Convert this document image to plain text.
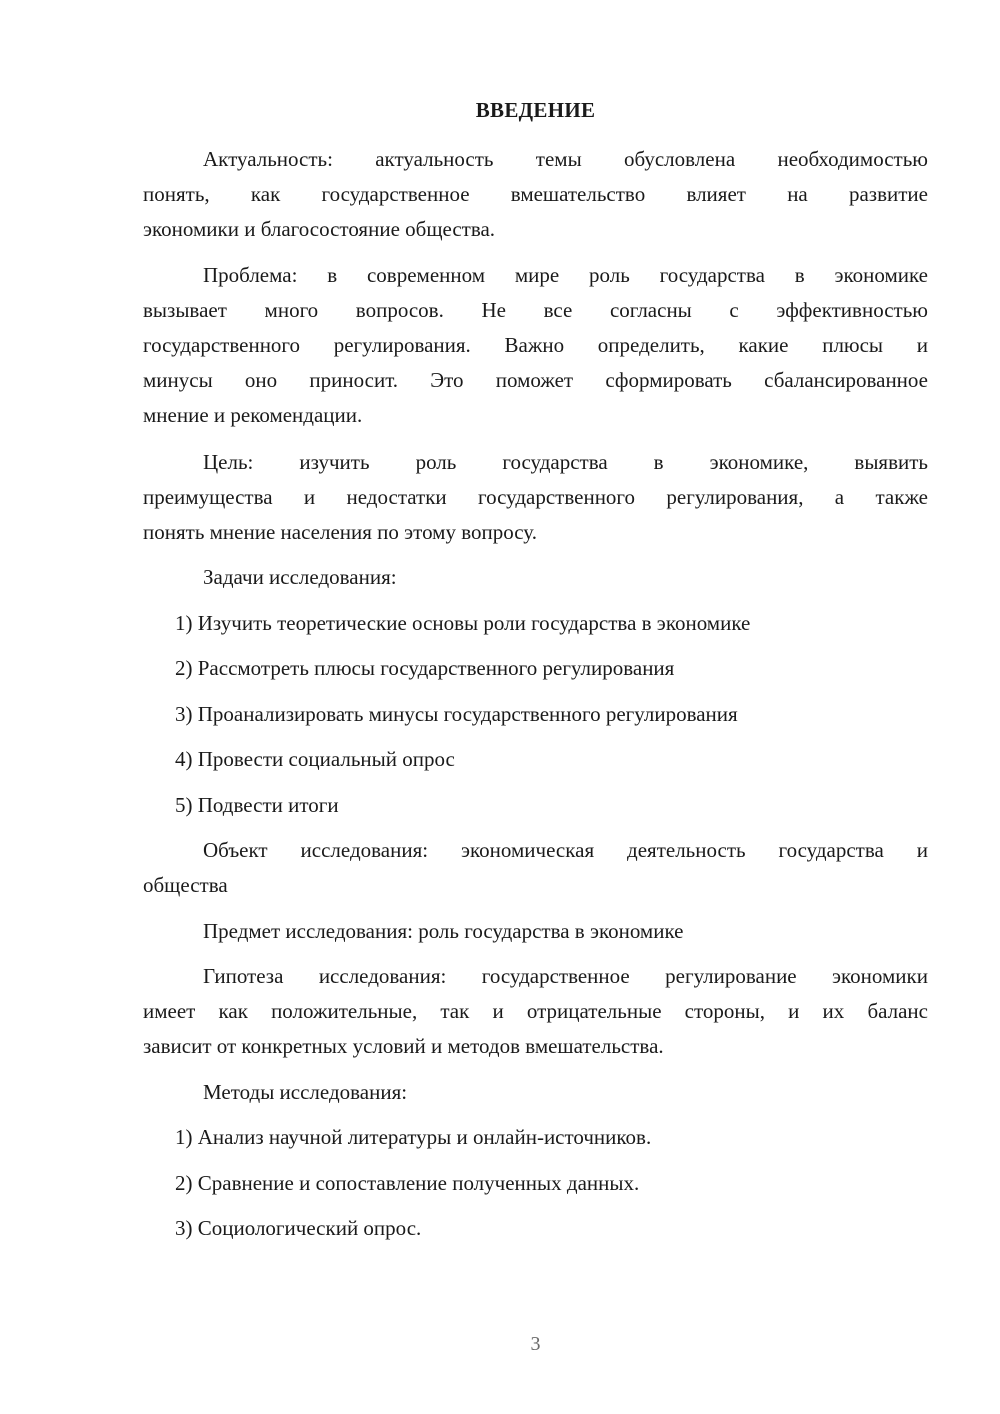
ВВЕДЕНИЕ

Актуальность: актуальность темы обусловлена необходимостью
понять, как государственное вмешательство влияет на развитие
экономики и благосостояние общества.

Проблема: в современном мире роль государства в экономике
вызывает много вопросов. Не все согласны с эффективностью
государственного регулирования. Важно определить, какие плюсы и
минусы оно приносит. Это поможет сформировать сбалансированное
мнение и рекомендации.

Цель: изучить роль государства в экономике, выявить
преимущества и недостатки государственного регулирования, а также
понять мнение населения по этому вопросу.

Задачи исследования:
1) Изучить теоретические основы роли государства в экономике
2) Рассмотреть плюсы государственного регулирования
3) Проанализировать минусы государственного регулирования
4) Провести социальный опрос
5) Подвести итоги

Объект исследования: экономическая деятельность государства и
общества

Предмет исследования: роль государства в экономике

Гипотеза исследования: государственное регулирование экономики
имеет как положительные, так и отрицательные стороны, и их баланс
зависит от конкретных условий и методов вмешательства.

Методы исследования:
1) Анализ научной литературы и онлайн-источников.
2) Сравнение и сопоставление полученных данных.
3) Социологический опрос.
3
